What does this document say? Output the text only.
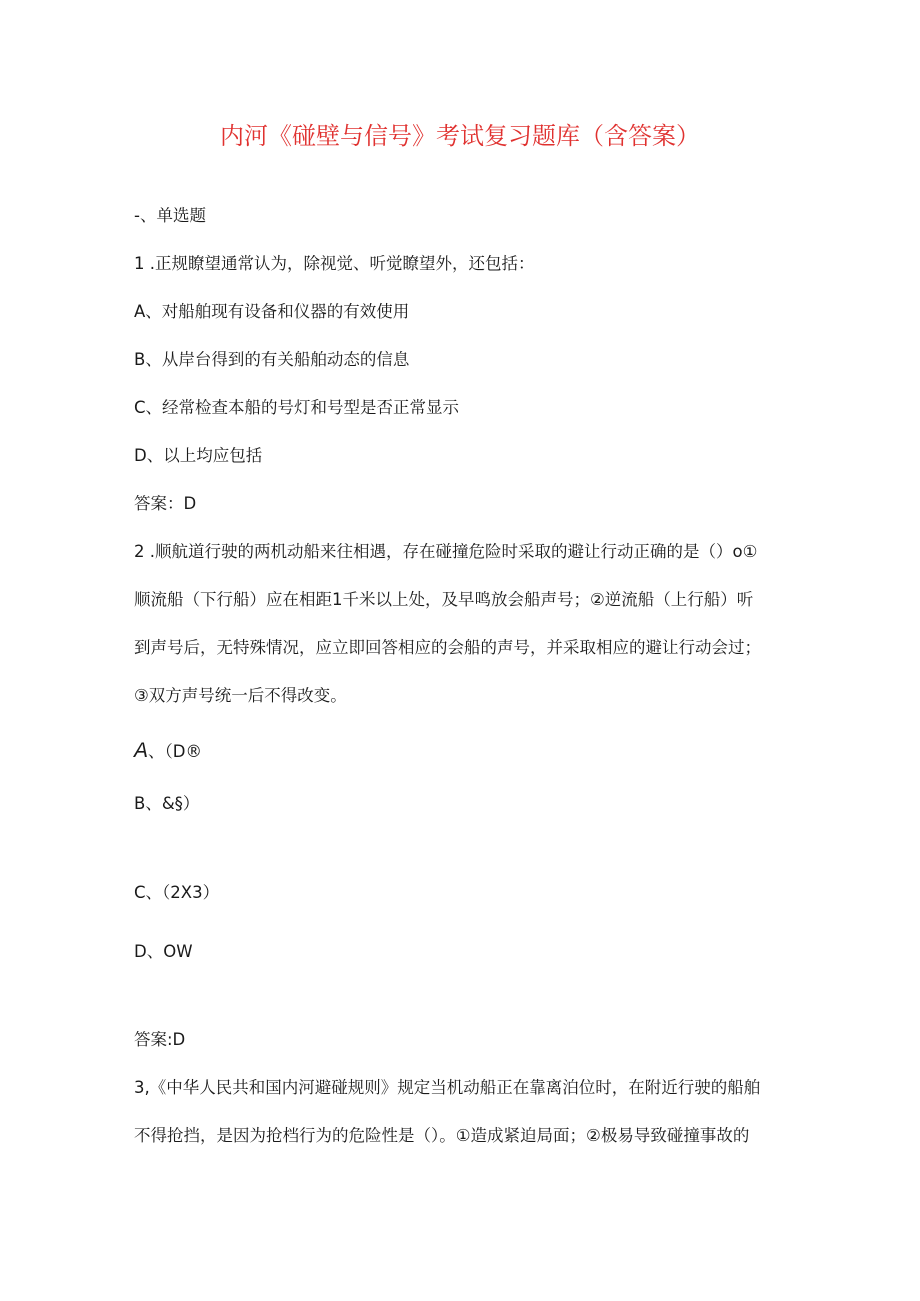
内河《碰壁与信号》考试复习题库（含答案）
-、单选题
1 .正规瞭望通常认为，除视觉、听觉瞭望外，还包括：
A、对船舶现有设备和仪器的有效使用
B、从岸台得到的有关船舶动态的信息
C、经常检查本船的号灯和号型是否正常显示
D、以上均应包括
答案：D
2 .顺航道行驶的两机动船来往相遇，存在碰撞危险时采取的避让行动正确的是（）o①
顺流船（下行船）应在相距1千米以上处，及早鸣放会船声号；②逆流船（上行船）听
到声号后，无特殊情况，应立即回答相应的会船的声号，并采取相应的避让行动会过；
③双方声号统一后不得改变。
A、（D®
B、&§）
C、（2X3）
D、OW
答案:D
3,《中华人民共和国内河避碰规则》规定当机动船正在靠离泊位时，在附近行驶的船舶
不得抢挡，是因为抢档行为的危险性是（）。①造成紧迫局面；②极易导致碰撞事故的
